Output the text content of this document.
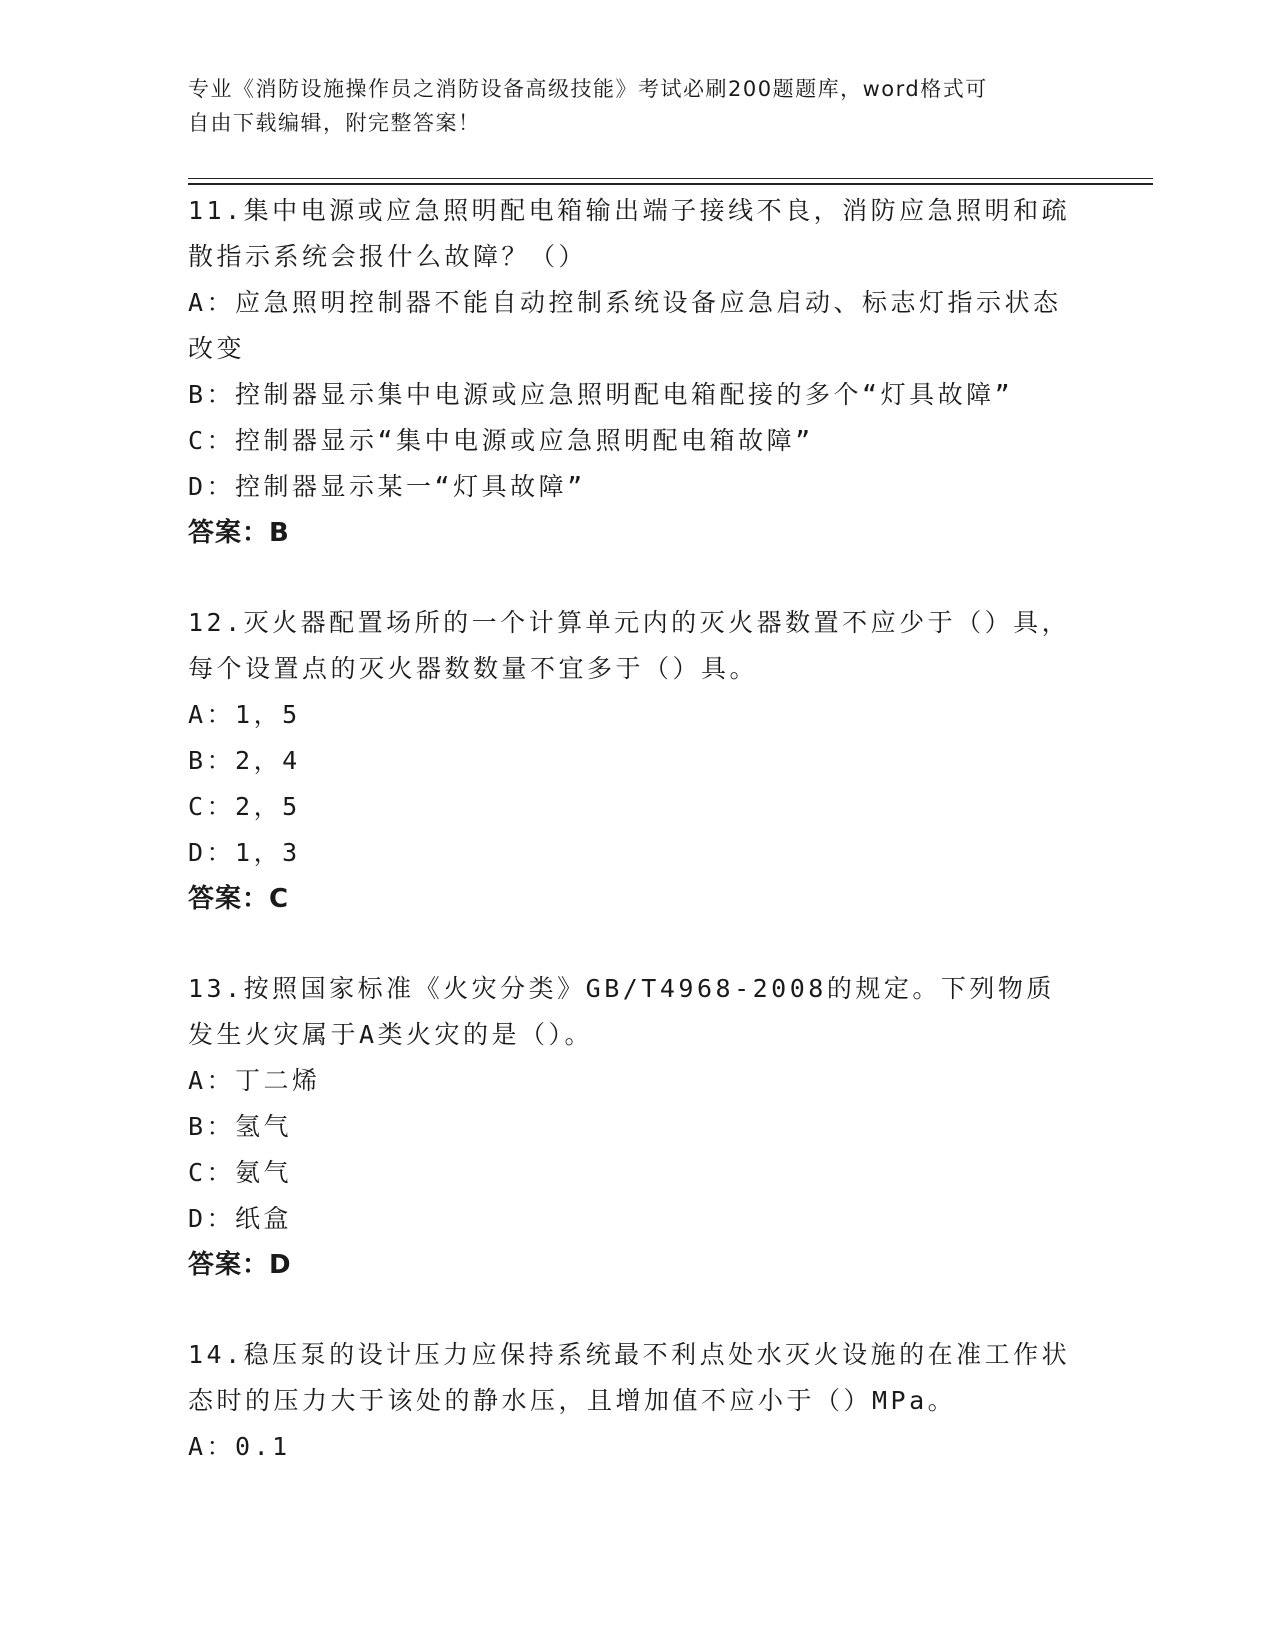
专业《消防设施操作员之消防设备高级技能》考试必刷200题题库，word格式可
自由下载编辑，附完整答案！
11.集中电源或应急照明配电箱输出端子接线不良，消防应急照明和疏散指示系统会报什么故障？（）
A：应急照明控制器不能自动控制系统设备应急启动、标志灯指示状态改变
B：控制器显示集中电源或应急照明配电箱配接的多个“灯具故障”
C：控制器显示“集中电源或应急照明配电箱故障”
D：控制器显示某一“灯具故障”
答案：B
12.灭火器配置场所的一个计算单元内的灭火器数置不应少于（）具，每个设置点的灭火器数数量不宜多于（）具。
A：1，5
B：2，4
C：2，5
D：1，3
答案：C
13.按照国家标准《火灾分类》GB/T4968-2008的规定。下列物质发生火灾属于A类火灾的是（）。
A：丁二烯
B：氢气
C：氨气
D：纸盒
答案：D
14.稳压泵的设计压力应保持系统最不利点处水灭火设施的在准工作状态时的压力大于该处的静水压，且增加值不应小于（）MPa。
A：0.1
